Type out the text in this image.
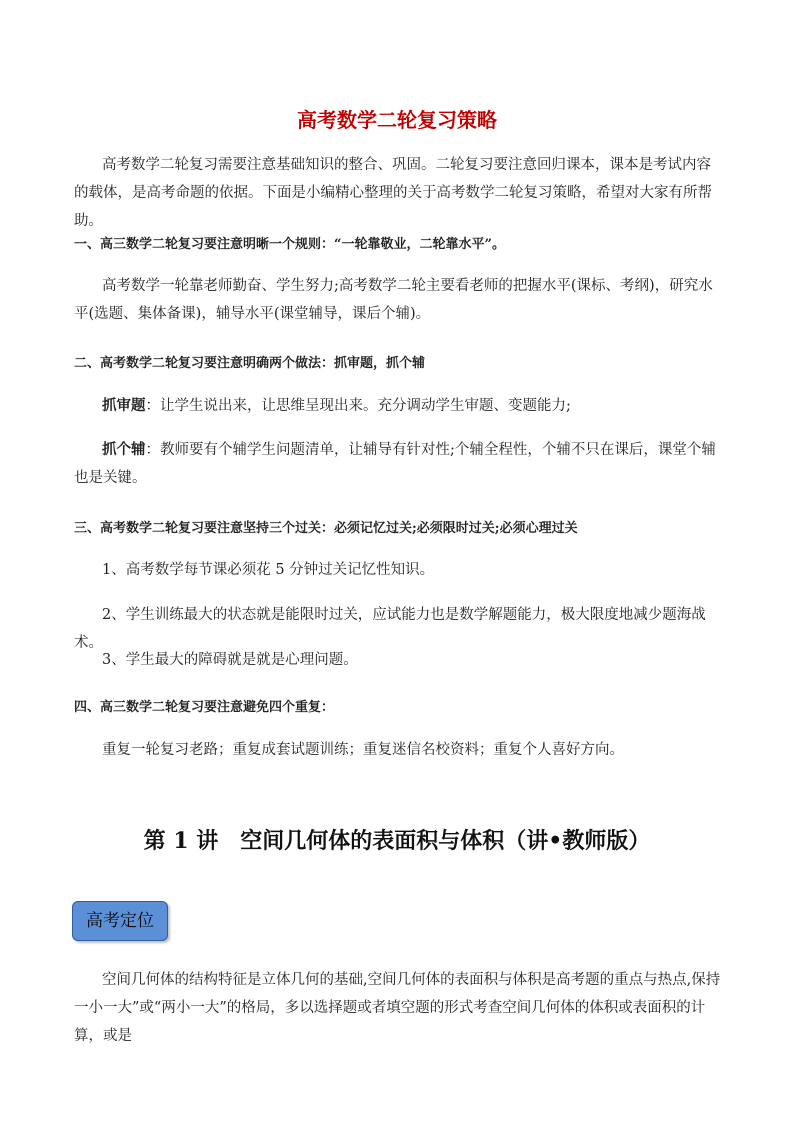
高考数学二轮复习策略
高考数学二轮复习需要注意基础知识的整合、巩固。二轮复习要注意回归课本，课本是考试内容的载体，是高考命题的依据。下面是小编精心整理的关于高考数学二轮复习策略，希望对大家有所帮助。
一、高三数学二轮复习要注意明晰一个规则：“一轮靠敬业，二轮靠水平”。
高考数学一轮靠老师勤奋、学生努力;高考数学二轮主要看老师的把握水平(课标、考纲)，研究水平(选题、集体备课)，辅导水平(课堂辅导，课后个辅)。
二、高考数学二轮复习要注意明确两个做法：抓审题，抓个辅
抓审题：让学生说出来，让思维呈现出来。充分调动学生审题、变题能力;
抓个辅：教师要有个辅学生问题清单，让辅导有针对性;个辅全程性，个辅不只在课后，课堂个辅也是关键。
三、高考数学二轮复习要注意坚持三个过关：必须记忆过关;必须限时过关;必须心理过关
1、高考数学每节课必须花 5 分钟过关记忆性知识。
2、学生训练最大的状态就是能限时过关，应试能力也是数学解题能力，极大限度地减少题海战术。
3、学生最大的障碍就是就是心理问题。
四、高三数学二轮复习要注意避免四个重复：
重复一轮复习老路；重复成套试题训练；重复迷信名校资料；重复个人喜好方向。
第 1 讲　空间几何体的表面积与体积（讲•教师版）
高考定位
空间几何体的结构特征是立体几何的基础,空间几何体的表面积与体积是高考题的重点与热点,保持一小一大”或“两小一大”的格局，多以选择题或者填空题的形式考查空间几何体的体积或表面积的计算，或是
